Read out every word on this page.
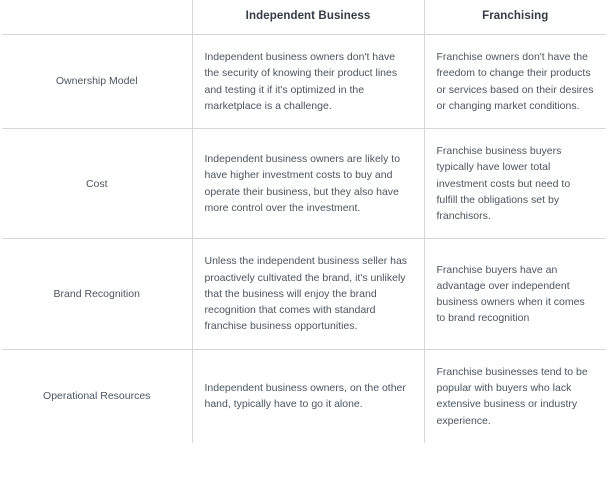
	Independent Business	Franchising
Ownership Model	Independent business owners don't have the security of knowing their product lines and testing it if it's optimized in the marketplace is a challenge.	Franchise owners don't have the freedom to change their products or services based on their desires or changing market conditions.
Cost	Independent business owners are likely to have higher investment costs to buy and operate their business, but they also have more control over the investment.	Franchise business buyers typically have lower total investment costs but need to fulfill the obligations set by franchisors.
Brand Recognition	Unless the independent business seller has proactively cultivated the brand, it's unlikely that the business will enjoy the brand recognition that comes with standard franchise business opportunities.	Franchise buyers have an advantage over independent business owners when it comes to brand recognition
Operational Resources	Independent business owners, on the other hand, typically have to go it alone.	Franchise businesses tend to be popular with buyers who lack extensive business or industry experience.
